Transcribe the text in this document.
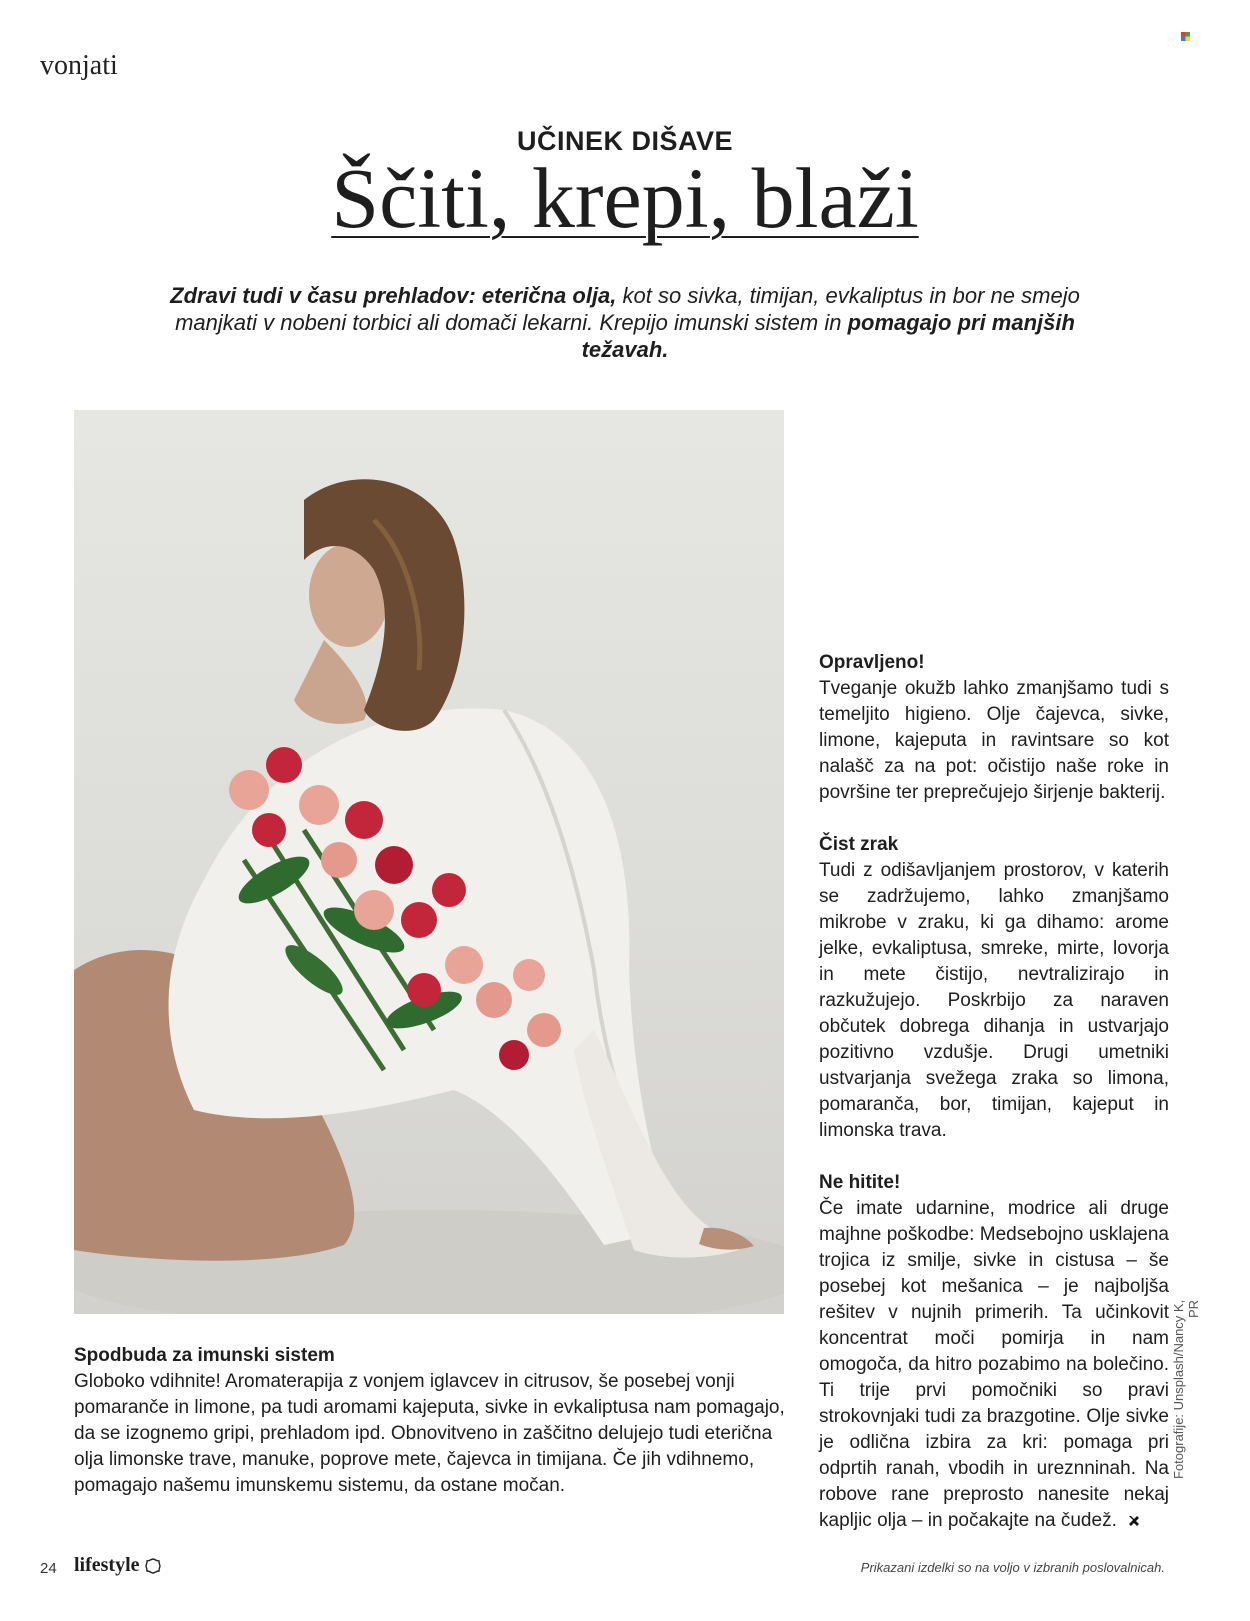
vonjati
UČINEK DIŠAVE
Ščiti, krepi, blaži
Zdravi tudi v času prehladov: eterična olja, kot so sivka, timijan, evkaliptus in bor ne smejo manjkati v nobeni torbici ali domači lekarni. Krepijo imunski sistem in pomagajo pri manjših težavah.

Spodbuda za imunski sistem

Globoko vdihnite! Aromaterapija z vonjem iglavcev in citrusov, še posebej vonji pomaranče in limone, pa tudi aromami kajeputa, sivke in evkaliptusa nam pomagajo, da se izognemo gripi, prehladom ipd. Obnovitveno in zaščitno delujejo tudi eterična olja limonske trave, manuke, poprove mete, čajevca in timijana. Če jih vdihnemo, pomagajo našemu imunskemu sistemu, da ostane močan.

Opravljeno!

Tveganje okužb lahko zmanjšamo tudi s temeljito higieno. Olje čajevca, sivke, limone, kajeputa in ravintsare so kot nalašč za na pot: očistijo naše roke in površine ter preprečujejo širjenje bakterij.

Čist zrak

Tudi z odišavljanjem prostorov, v katerih se zadržujemo, lahko zmanjšamo mikrobe v zraku, ki ga dihamo: arome jelke, evkaliptusa, smreke, mirte, lovorja in mete čistijo, nevtralizirajo in razkužujejo. Poskrbijo za naraven občutek dobrega dihanja in ustvarjajo pozitivno vzdušje. Drugi umetniki ustvarjanja svežega zraka so limona, pomaranča, bor, timijan, kajeput in limonska trava.

Ne hitite!

Če imate udarnine, modrice ali druge majhne poškodbe: Medsebojno usklajena trojica iz smilje, sivke in cistusa – še posebej kot mešanica – je najboljša rešitev v nujnih primerih. Ta učinkovit koncentrat moči pomirja in nam omogoča, da hitro pozabimo na bolečino. Ti trije prvi pomočniki so pravi strokovnjaki tudi za brazgotine. Olje sivke je odlična izbira za kri: pomaga pri odprtih ranah, vbodih in ureznninah. Na robove rane preprosto nanesite nekaj kapljic olja – in počakajte na čudež.

Fotografije: Unsplash/Nancy K, PR
24 lifestyle	Prikazani izdelki so na voljo v izbranih poslovalnicah.
